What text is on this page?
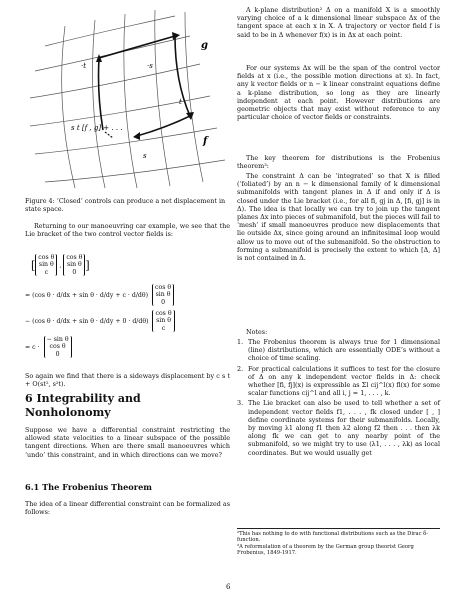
g
f
s
t
·t	·s
s t [f , g] + . . .
Figure 4: ‘Closed’ controls can produce a net displacement in state space.

Returning to our manoeuvring car example, we see that the Lie bracket of the two control vector fields is:

[
cos θ
sin θ
c
,
cos θ
sin θ
0
]
= (cos θ · d/dx + sin θ · d/dy + c · d/dθ)
cos θ
sin θ
0
− (cos θ · d/dx + sin θ · d/dy + 0 · d/dθ)
cos θ
sin θ
c
= c ·
− sin θ
cos θ
0

So again we find that there is a sideways displacement by c s t + O(st², s²t).

6 Integrability and Nonholonomy

Suppose we have a differential constraint restricting the allowed state velocities to a linear subspace of the possible tangent directions. When are there small manoeuvres which ‘undo’ this constraint, and in which directions can we move?

6.1 The Frobenius Theorem

The idea of a linear differential constraint can be formalized as follows:

A k-plane distribution² Δ on a manifold X is a smoothly varying choice of a k dimensional linear subspace Δx of the tangent space at each x in X. A trajectory or vector field f is said to be in Δ whenever f(x) is in Δx at each point.

For our systems Δx will be the span of the control vector fields at x (i.e., the possible motion directions at x). In fact, any k vector fields or n − k linear constraint equations define a k-plane distribution, so long as they are linearly independent at each point. However distributions are geometric objects that may exist without reference to any particular choice of vector fields or constraints.

The key theorem for distributions is the Frobenius theorem³:

The constraint Δ can be ‘integrated’ so that X is filled (‘foliated’) by an n − k dimensional family of k dimensional submanifolds with tangent planes in Δ if and only if Δ is closed under the Lie bracket (i.e., for all fi, gj in Δ, [fi, gj] is in Δ). The idea is that locally we can try to join up the tangent planes Δx into pieces of submanifold, but the pieces will fail to ‘mesh’ if small manoeuvres produce new displacements that lie outside Δx, since going around an infinitesimal loop would allow us to move out of the submanifold. So the obstruction to forming a submanifold is precisely the extent to which [Δ, Δ] is not contained in Δ.

Notes:
1. The Frobenius theorem is always true for 1 dimensional (line) distributions, which are essentially ODE’s without a choice of time scaling.
2. For practical calculations it suffices to test for the closure of Δ on any k independent vector fields in Δ: check whether [fi, fj](x) is expressible as Σl cij^l(x) fl(x) for some scalar functions cij^l and all i, j = 1, . . . , k.
3. The Lie bracket can also be used to tell whether a set of independent vector fields f1, . . . , fk closed under [ , ] define coordinate systems for their submanifolds. Locally, by moving λ1 along f1 then λ2 along f2 then . . . then λk along fk we can get to any nearby point of the submanifold, so we might try to use (λ1, . . . , λk) as local coordinates. But we would usually get
²This has nothing to do with functional distributions such as the Dirac δ-function.
³A reformulation of a theorem by the German group theorist Georg Frobenius, 1849-1917.
6
